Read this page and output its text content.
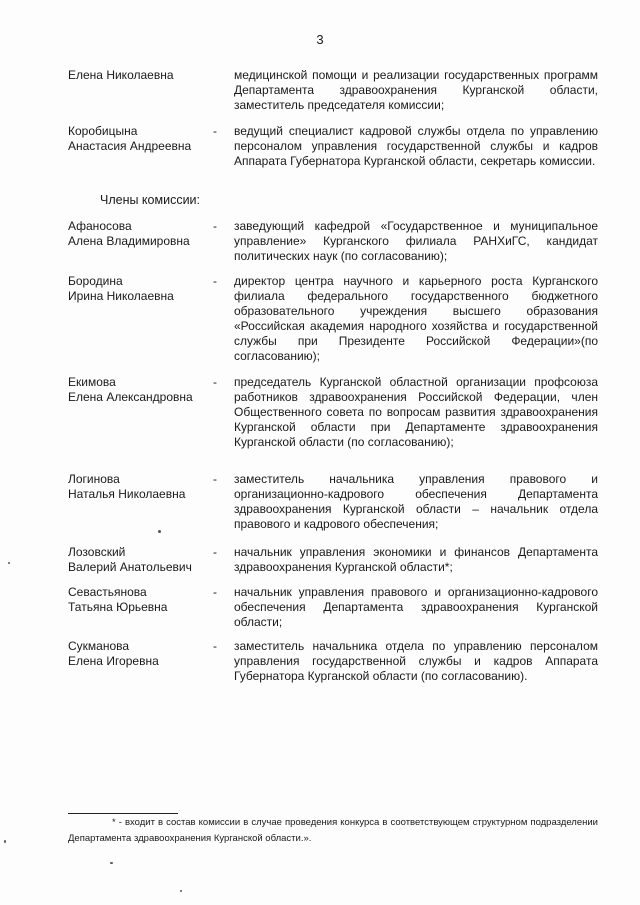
3
Елена Николаевна	медицинской помощи и реализации государственных программ Департамента здравоохранения Курганской области, заместитель председателя комиссии;
Коробицына
Анастасия Андреевна
- ведущий специалист кадровой службы отдела по управлению персоналом управления государственной службы и кадров Аппарата Губернатора Курганской области, секретарь комиссии.
Члены комиссии:
Афаносова
Алена Владимировна
- заведующий кафедрой «Государственное и муниципальное управление» Курганского филиала РАНХиГС, кандидат политических наук (по согласованию);
Бородина
Ирина Николаевна
- директор центра научного и карьерного роста Курганского филиала федерального государственного бюджетного образовательного учреждения высшего образования «Российская академия народного хозяйства и государственной службы при Президенте Российской Федерации»(по согласованию);
Екимова
Елена Александровна
- председатель Курганской областной организации профсоюза работников здравоохранения Российской Федерации, член Общественного совета по вопросам развития здравоохранения Курганской области при Департаменте здравоохранения Курганской области (по согласованию);
Логинова
Наталья Николаевна
- заместитель начальника управления правового и организационно-кадрового обеспечения Департамента здравоохранения Курганской области – начальник отдела правового и кадрового обеспечения;
Лозовский
Валерий Анатольевич
- начальник управления экономики и финансов Департамента здравоохранения Курганской области*;
Севастьянова
Татьяна Юрьевна
- начальник управления правового и организационно-кадрового обеспечения Департамента здравоохранения Курганской области;
Сукманова
Елена Игоревна
- заместитель начальника отдела по управлению персоналом управления государственной службы и кадров Аппарата Губернатора Курганской области (по согласованию).
* - входит в состав комиссии в случае проведения конкурса в соответствующем структурном подразделении Департамента здравоохранения Курганской области.».
